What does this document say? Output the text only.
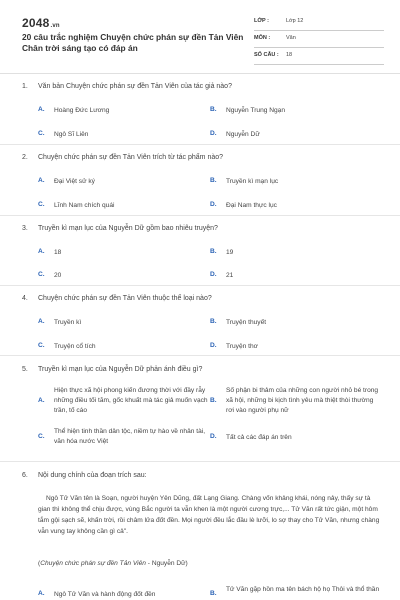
2048.vn
20 câu trắc nghiệm Chuyện chức phán sự đền Tản Viên Chân trời sáng tạo có đáp án
LỚP :	Lớp 12
MÔN :	Văn
SỐ CÂU : 18
1. Văn bản Chuyện chức phán sự đền Tản Viên của tác giả nào?
A. Hoàng Đức Lương	B. Nguyễn Trung Ngạn
C. Ngô Sĩ Liên	D. Nguyễn Dữ
2. Chuyện chức phán sự đền Tản Viên trích từ tác phẩm nào?
A. Đại Việt sử ký	B. Truyền kì mạn lục
C. Lĩnh Nam chích quái	D. Đại Nam thực lục
3. Truyền kì mạn lục của Nguyễn Dữ gồm bao nhiêu truyện?
A. 18	B. 19
C. 20	D. 21
4. Chuyện chức phán sự đền Tản Viên thuộc thể loại nào?
A. Truyền kì	B. Truyện thuyết
C. Truyện cổ tích	D. Truyện thơ
5. Truyền kì mạn lục của Nguyễn Dữ phản ánh điều gì?
A.
Hiện thực xã hội phong kiến đương thời với đầy rẫy những điều tối tăm, gốc khuất mà tác giả muốn vạch trần, tố cáo
B.
Số phận bi thảm của những con người nhỏ bé trong xã hội, những bi kịch tình yêu mà thiệt thòi thường rơi vào người phụ nữ
C.
Thể hiện tinh thần dân tộc, niềm tự hào về nhân tài, văn hóa nước Việt
D. Tất cả các đáp án trên
6. Nội dung chính của đoạn trích sau:
Ngô Tử Văn tên là Soạn, người huyện Yên Dũng, đất Lạng Giang. Chàng vốn khảng khái, nóng nảy, thấy sự tà gian thì không thể chịu được, vùng Bắc người ta vẫn khen là một người cương trực,... Tử Văn rất tức giận, một hôm tắm gội sạch sẽ, khấn trời, rồi châm lửa đốt đền. Mọi người đều lắc đầu lè lưỡi, lo sợ thay cho Tử Văn, nhưng chàng vẫn vung tay không cần gì cả".
(Chuyện chức phán sự đền Tản Viên - Nguyễn Dữ)
A. Ngô Tử Văn và hành động đốt đền	B.
Tử Văn gặp hồn ma tên bách hộ họ Thôi và thổ thần
